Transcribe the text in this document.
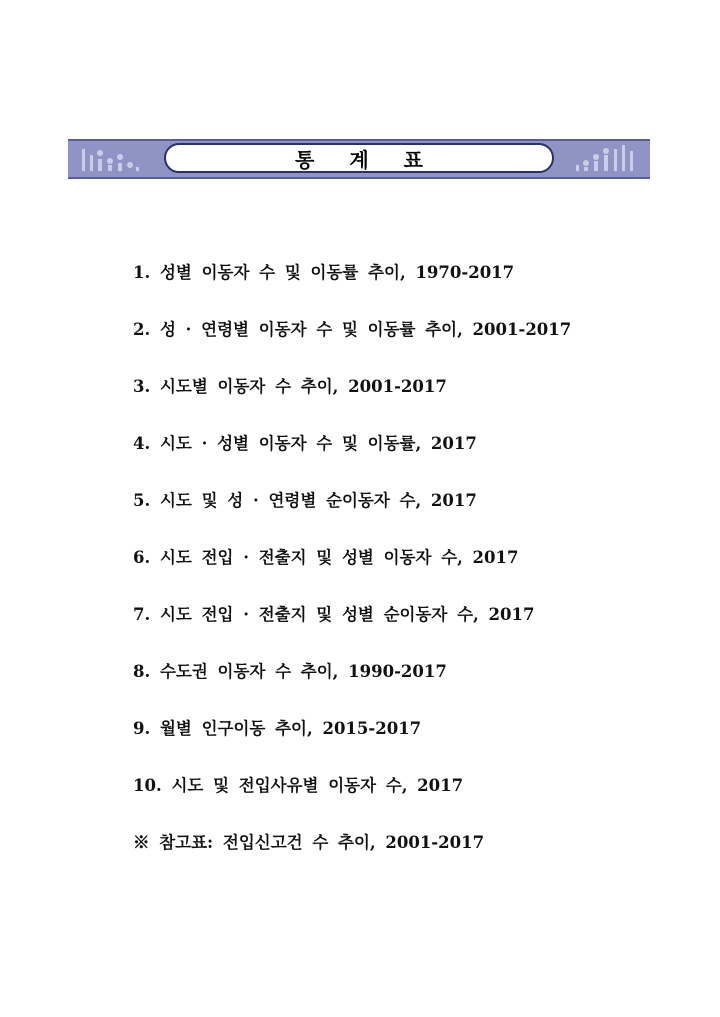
통 계 표
1. 성별 이동자 수 및 이동률 추이, 1970-2017
2. 성 · 연령별 이동자 수 및 이동률 추이, 2001-2017
3. 시도별 이동자 수 추이, 2001-2017
4. 시도 · 성별 이동자 수 및 이동률, 2017
5. 시도 및 성 · 연령별 순이동자 수, 2017
6. 시도 전입 · 전출지 및 성별 이동자 수, 2017
7. 시도 전입 · 전출지 및 성별 순이동자 수, 2017
8. 수도권 이동자 수 추이, 1990-2017
9. 월별 인구이동 추이, 2015-2017
10. 시도 및 전입사유별 이동자 수, 2017
※ 참고표: 전입신고건 수 추이, 2001-2017
